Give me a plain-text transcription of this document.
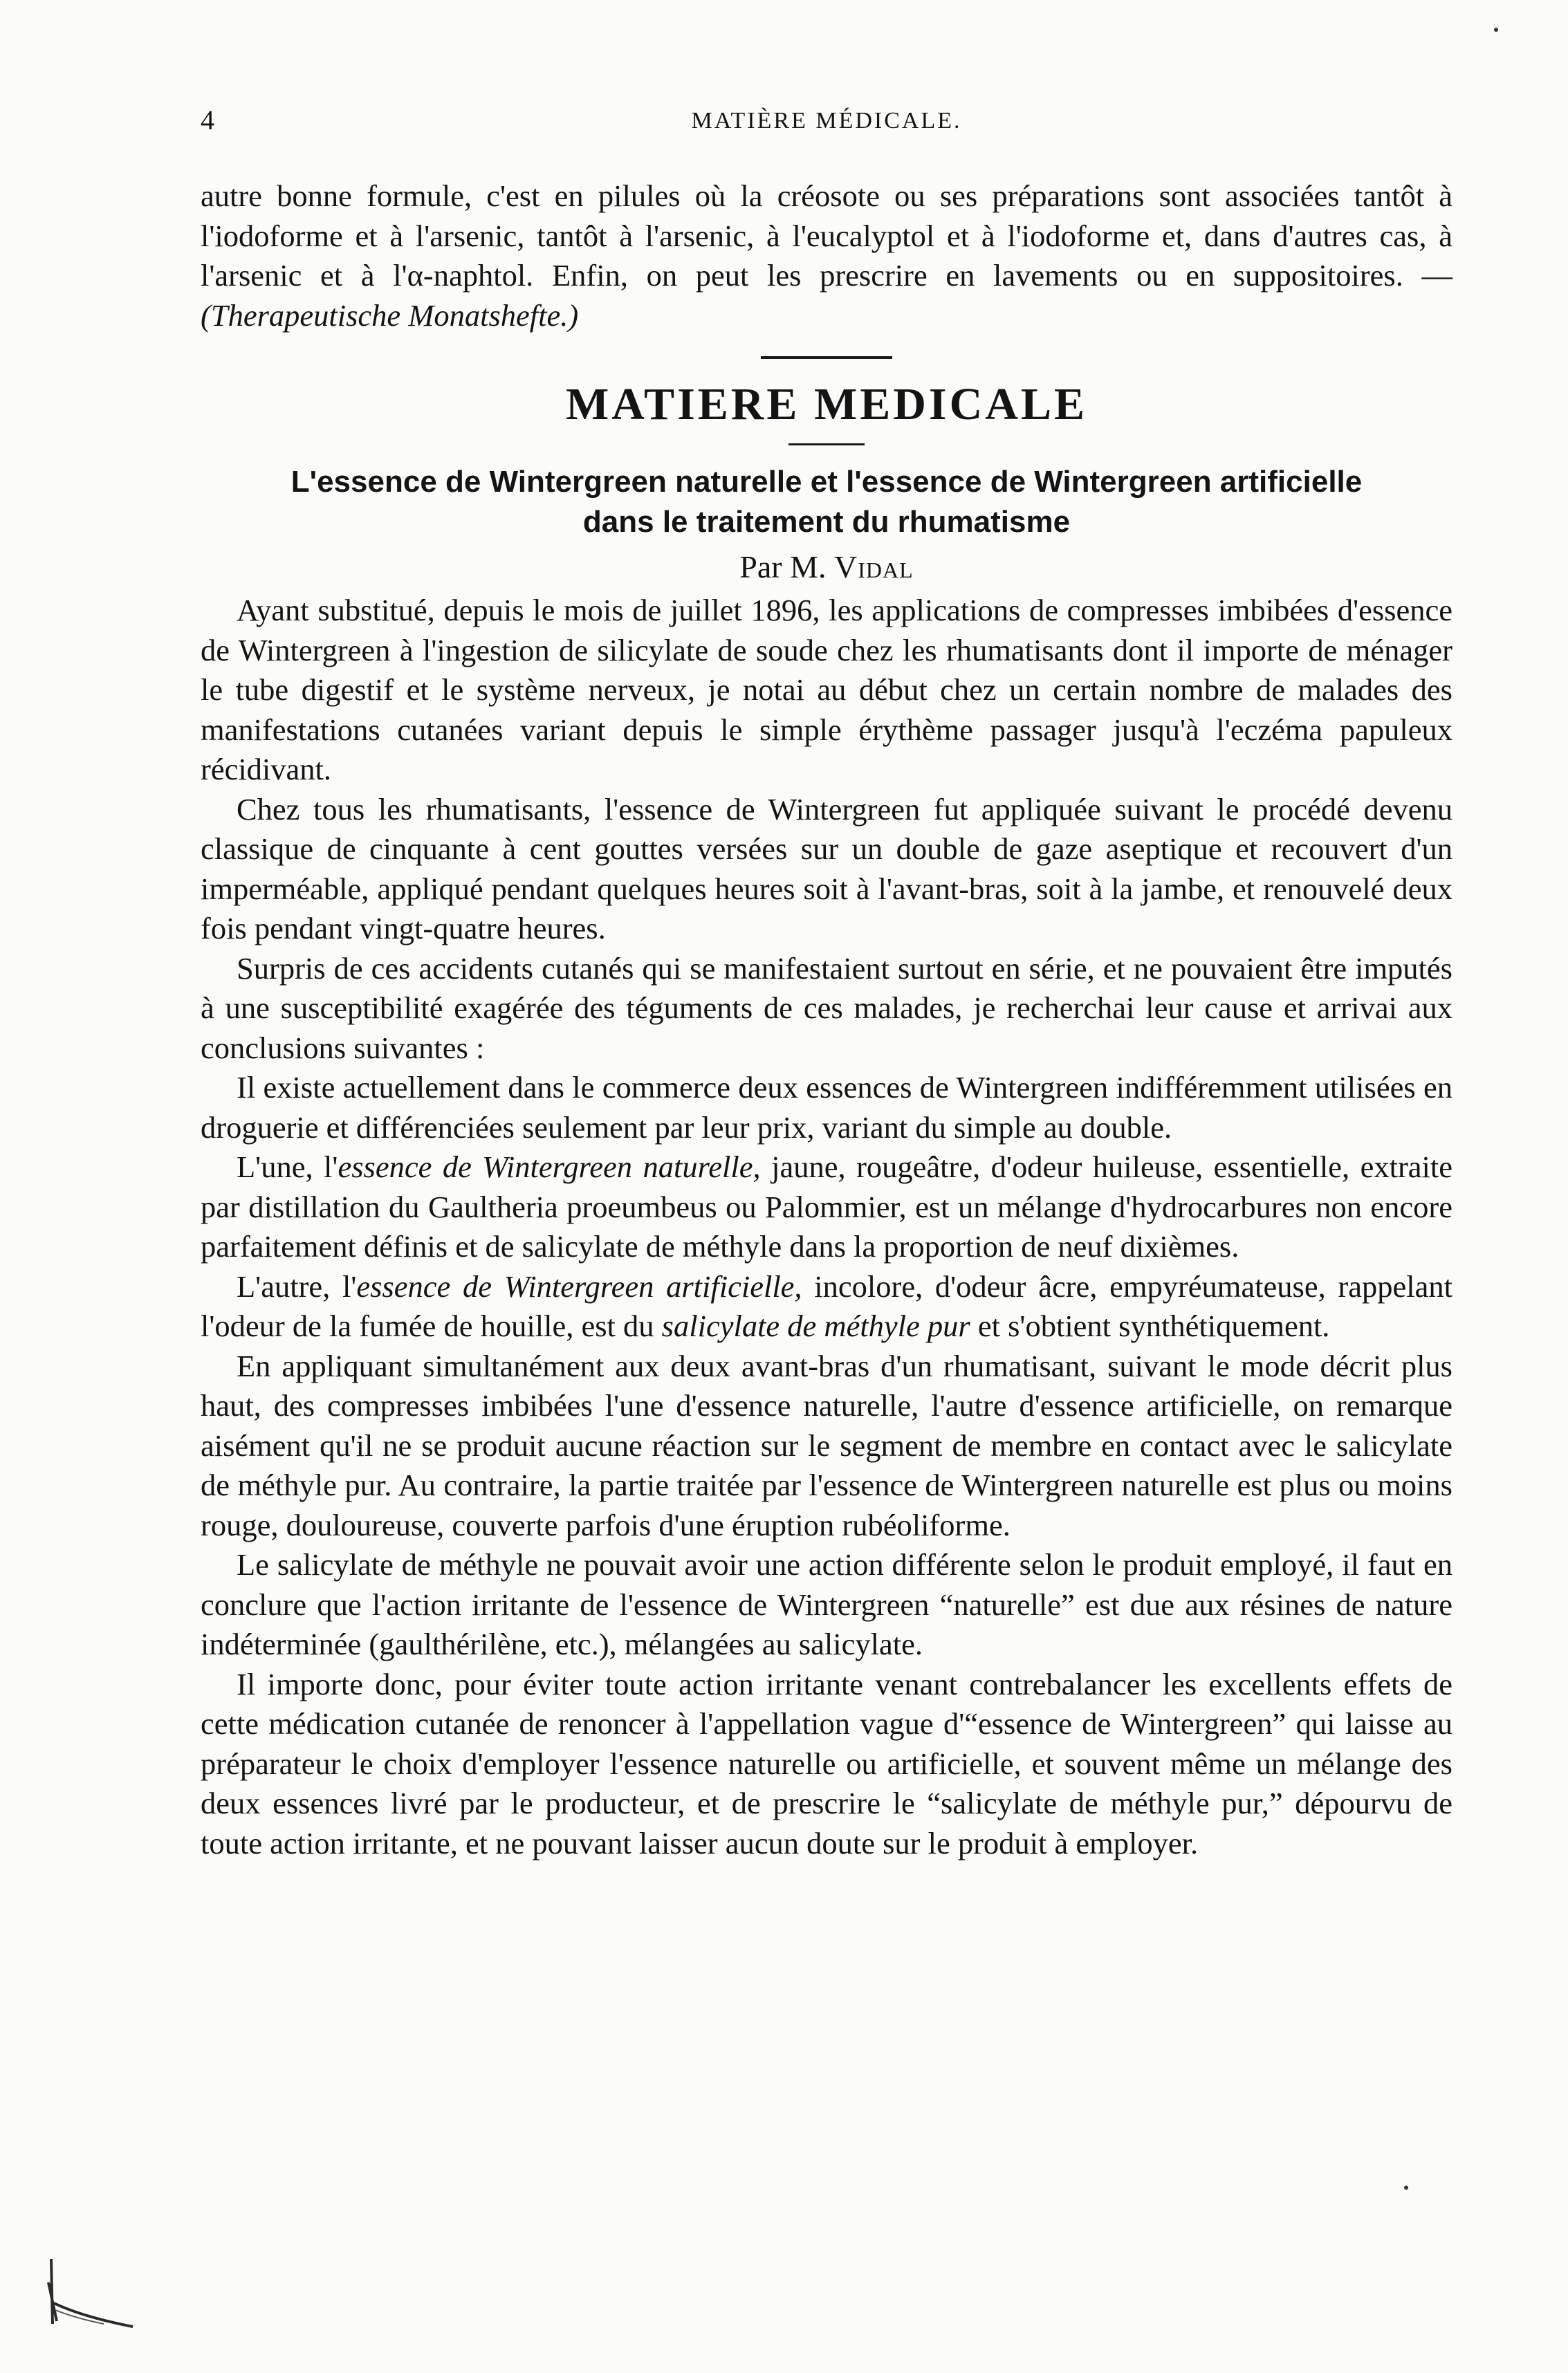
4	MATIÈRE MÉDICALE.

autre bonne formule, c'est en pilules où la créosote ou ses préparations sont associées tantôt à l'iodoforme et à l'arsenic, tantôt à l'arsenic, à l'eucalyptol et à l'iodoforme et, dans d'autres cas, à l'arsenic et à l'α-naphtol. Enfin, on peut les prescrire en lavements ou en suppositoires. — (Therapeutische Monatshefte.)

MATIERE MEDICALE
L'essence de Wintergreen naturelle et l'essence de Wintergreen artificielle
dans le traitement du rhumatisme
Par M. Vidal

Ayant substitué, depuis le mois de juillet 1896, les applications de compresses imbibées d'essence de Wintergreen à l'ingestion de silicylate de soude chez les rhumatisants dont il importe de ménager le tube digestif et le système nerveux, je notai au début chez un certain nombre de malades des manifestations cutanées variant depuis le simple érythème passager jusqu'à l'eczéma papuleux récidivant.

Chez tous les rhumatisants, l'essence de Wintergreen fut appliquée suivant le procédé devenu classique de cinquante à cent gouttes versées sur un double de gaze aseptique et recouvert d'un imperméable, appliqué pendant quelques heures soit à l'avant-bras, soit à la jambe, et renouvelé deux fois pendant vingt-quatre heures.

Surpris de ces accidents cutanés qui se manifestaient surtout en série, et ne pouvaient être imputés à une susceptibilité exagérée des téguments de ces malades, je recherchai leur cause et arrivai aux conclusions suivantes :

Il existe actuellement dans le commerce deux essences de Wintergreen indifféremment utilisées en droguerie et différenciées seulement par leur prix, variant du simple au double.

L'une, l'essence de Wintergreen naturelle, jaune, rougeâtre, d'odeur huileuse, essentielle, extraite par distillation du Gaultheria proeumbeus ou Palommier, est un mélange d'hydrocarbures non encore parfaitement définis et de salicylate de méthyle dans la proportion de neuf dixièmes.

L'autre, l'essence de Wintergreen artificielle, incolore, d'odeur âcre, empyréumateuse, rappelant l'odeur de la fumée de houille, est du salicylate de méthyle pur et s'obtient synthétiquement.

En appliquant simultanément aux deux avant-bras d'un rhumatisant, suivant le mode décrit plus haut, des compresses imbibées l'une d'essence naturelle, l'autre d'essence artificielle, on remarque aisément qu'il ne se produit aucune réaction sur le segment de membre en contact avec le salicylate de méthyle pur. Au contraire, la partie traitée par l'essence de Wintergreen naturelle est plus ou moins rouge, douloureuse, couverte parfois d'une éruption rubéoliforme.

Le salicylate de méthyle ne pouvait avoir une action différente selon le produit employé, il faut en conclure que l'action irritante de l'essence de Wintergreen “naturelle” est due aux résines de nature indéterminée (gaulthérilène, etc.), mélangées au salicylate.

Il importe donc, pour éviter toute action irritante venant contrebalancer les excellents effets de cette médication cutanée de renoncer à l'appellation vague d'“essence de Wintergreen” qui laisse au préparateur le choix d'employer l'essence naturelle ou artificielle, et souvent même un mélange des deux essences livré par le producteur, et de prescrire le “salicylate de méthyle pur,” dépourvu de toute action irritante, et ne pouvant laisser aucun doute sur le produit à employer.
